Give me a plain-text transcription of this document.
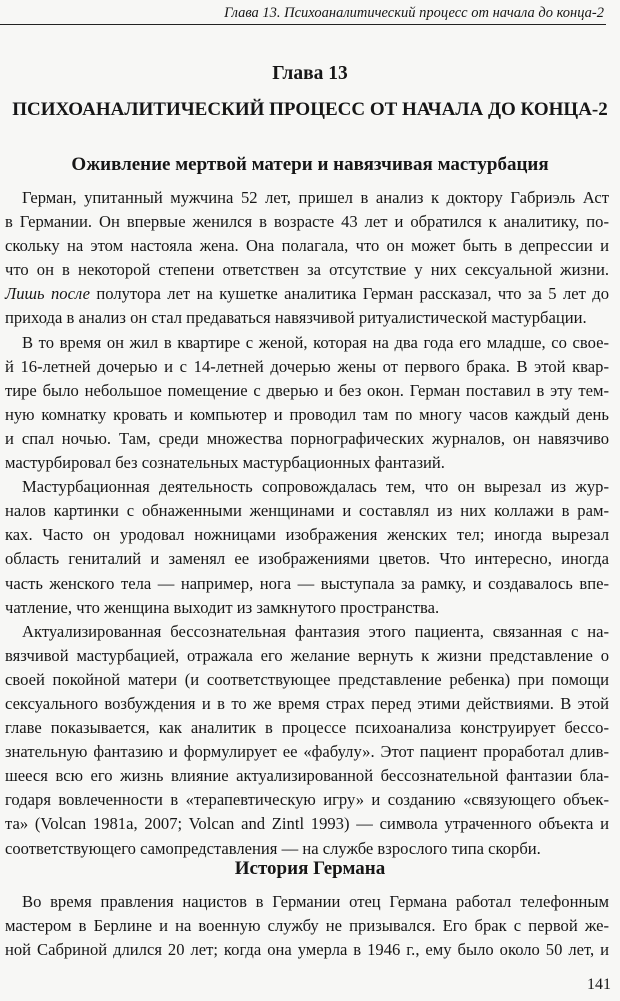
Глава 13. Психоаналитический процесс от начала до конца-2
Глава 13
ПСИХОАНАЛИТИЧЕСКИЙ ПРОЦЕСС ОТ НАЧАЛА ДО КОНЦА-2
Оживление мертвой матери и навязчивая мастурбация
Герман, упитанный мужчина 52 лет, пришел в анализ к доктору Габриэль Аст
в Германии. Он впервые женился в возрасте 43 лет и обратился к аналитику, по-
скольку на этом настояла жена. Она полагала, что он может быть в депрессии и
что он в некоторой степени ответствен за отсутствие у них сексуальной жизни.
Лишь после полутора лет на кушетке аналитика Герман рассказал, что за 5 лет до
прихода в анализ он стал предаваться навязчивой ритуалистической мастурбации.
В то время он жил в квартире с женой, которая на два года его младше, со свое-
й 16-летней дочерью и с 14-летней дочерью жены от первого брака. В этой квар-
тире было небольшое помещение с дверью и без окон. Герман поставил в эту тем-
ную комнатку кровать и компьютер и проводил там по многу часов каждый день
и спал ночью. Там, среди множества порнографических журналов, он навязчиво
мастурбировал без сознательных мастурбационных фантазий.
Мастурбационная деятельность сопровождалась тем, что он вырезал из жур-
налов картинки с обнаженными женщинами и составлял из них коллажи в рам-
ках. Часто он уродовал ножницами изображения женских тел; иногда вырезал
область гениталий и заменял ее изображениями цветов. Что интересно, иногда
часть женского тела — например, нога — выступала за рамку, и создавалось впе-
чатление, что женщина выходит из замкнутого пространства.
Актуализированная бессознательная фантазия этого пациента, связанная с на-
вязчивой мастурбацией, отражала его желание вернуть к жизни представление о
своей покойной матери (и соответствующее представление ребенка) при помощи
сексуального возбуждения и в то же время страх перед этими действиями. В этой
главе показывается, как аналитик в процессе психоанализа конструирует бессо-
знательную фантазию и формулирует ее «фабулу». Этот пациент проработал длив-
шееся всю его жизнь влияние актуализированной бессознательной фантазии бла-
годаря вовлеченности в «терапевтическую игру» и созданию «связующего объек-
та» (Volcan 1981a, 2007; Volcan and Zintl 1993) — символа утраченного объекта и
соответствующего самопредставления — на службе взрослого типа скорби.
История Германа
Во время правления нацистов в Германии отец Германа работал телефонным
мастером в Берлине и на военную службу не призывался. Его брак с первой же-
ной Сабриной длился 20 лет; когда она умерла в 1946 г., ему было около 50 лет, и
141
